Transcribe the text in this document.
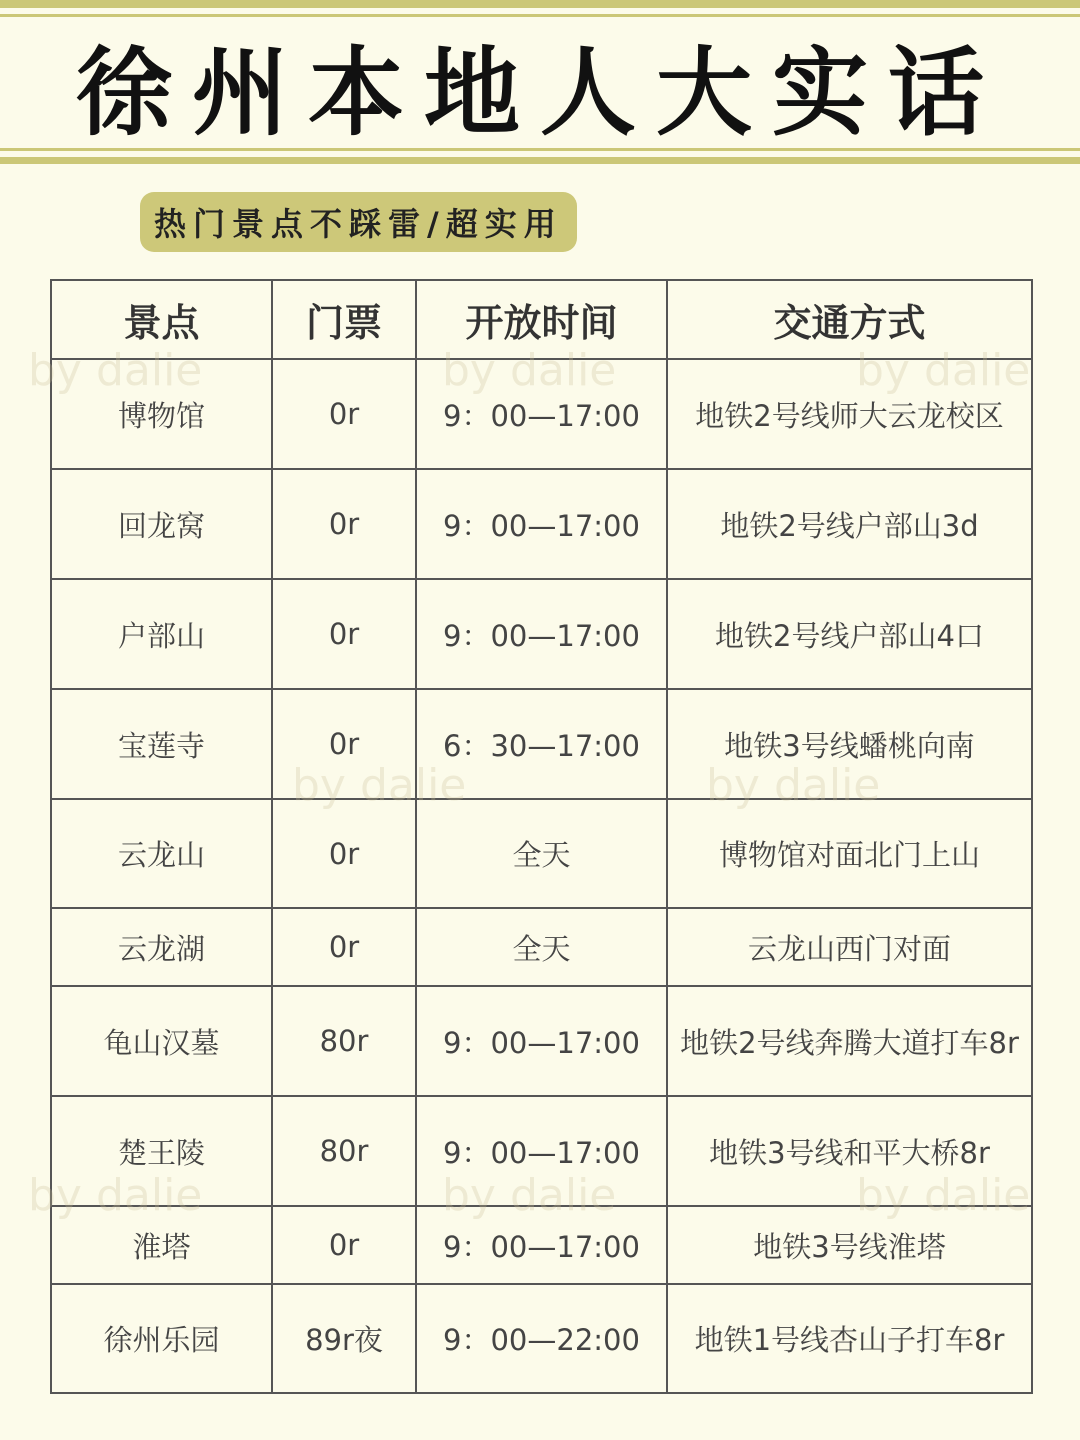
徐州本地人大实话
热门景点不踩雷/超实用
景点	门票	开放时间	交通方式
博物馆	0r	9：00—17:00	地铁2号线师大云龙校区
回龙窝	0r	9：00—17:00	地铁2号线户部山3d
户部山	0r	9：00—17:00	地铁2号线户部山4口
宝莲寺	0r	6：30—17:00	地铁3号线蟠桃向南
云龙山	0r	全天	博物馆对面北门上山
云龙湖	0r	全天	云龙山西门对面
龟山汉墓	80r	9：00—17:00	地铁2号线奔腾大道打车8r
楚王陵	80r	9：00—17:00	地铁3号线和平大桥8r
淮塔	0r	9：00—17:00	地铁3号线淮塔
徐州乐园	89r夜	9：00—22:00	地铁1号线杏山子打车8r
by dalie	by dalie	by dalie
by dalie	by dalie
by dalie	by dalie	by dalie
